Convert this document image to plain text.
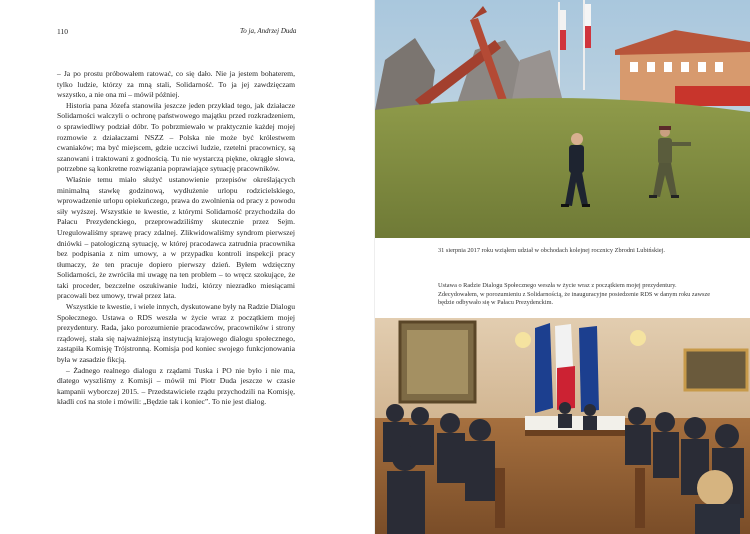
110	To ja, Andrzej Duda

– Ja po prostu próbowałem ratować, co się dało. Nie ja jestem bohaterem, tylko ludzie, którzy za mną stali, Solidarność. To ja jej zawdzięczam wszystko, a nie ona mi – mówił później.

Historia pana Józefa stanowiła jeszcze jeden przykład tego, jak działacze Solidarności walczyli o ochronę państwowego majątku przed rozkradzeniem, o sprawiedliwy podział dóbr. To pobrzmiewało w praktycznie każdej mojej rozmowie z działaczami NSZZ – Polska nie może być królestwem cwaniaków; ma być miejscem, gdzie uczciwi ludzie, rzetelni pracownicy, są szanowani i traktowani z godnością. Tu nie wystarczą piękne, okrągłe słowa, potrzebne są konkretne rozwiązania poprawiające sytuację pracowników.

Właśnie temu miało służyć ustanowienie przepisów określających minimalną stawkę godzinową, wydłużenie urlopu rodzicielskiego, wprowadzenie urlopu opiekuńczego, prawa do zwolnienia od pracy z powodu siły wyższej. Wszystkie te kwestie, z którymi Solidarność przychodziła do Pałacu Prezydenckiego, przeprowadziliśmy skutecznie przez Sejm. Uregulowaliśmy sprawę pracy zdalnej. Zlikwidowaliśmy syndrom pierwszej dniówki – patologiczną sytuację, w której pracodawca zatrudnia pracownika bez podpisania z nim umowy, a w przypadku kontroli inspekcji pracy tłumaczy, że ten pracuje dopiero pierwszy dzień. Byłem wdzięczny Solidarności, że zwróciła mi uwagę na ten problem – to wręcz szokujące, że taki proceder, bezczelne oszukiwanie ludzi, którzy niezradko miesiącami pracowali bez umowy, trwał przez lata.

Wszystkie te kwestie, i wiele innych, dyskutowane były na Radzie Dialogu Społecznego. Ustawa o RDS weszła w życie wraz z początkiem mojej prezydentury. Rada, jako porozumienie pracodawców, pracowników i strony rządowej, stała się najważniejszą instytucją krajowego dialogu społecznego, zastąpiła Komisję Trójstronną. Komisja pod koniec swojego funkcjonowania była w zasadzie fikcją.

– Żadnego realnego dialogu z rządami Tuska i PO nie było i nie ma, dlatego wyszliśmy z Komisji – mówił mi Piotr Duda jeszcze w czasie kampanii wyborczej 2015. – Przedstawiciele rządu przychodzili na Komisję, kładli coś na stole i mówili: „Będzie tak i koniec”. To nie jest dialog.

31 sierpnia 2017 roku wziąłem udział w obchodach kolejnej rocznicy Zbrodni Lubińskiej.
Ustawa o Radzie Dialogu Społecznego weszła w życie wraz z początkiem mojej prezydentury. Zdecydowałem, w porozumieniu z Solidarnością, że inauguracyjne posiedzenie RDS w danym roku zawsze będzie odbywało się w Pałacu Prezydenckim.
